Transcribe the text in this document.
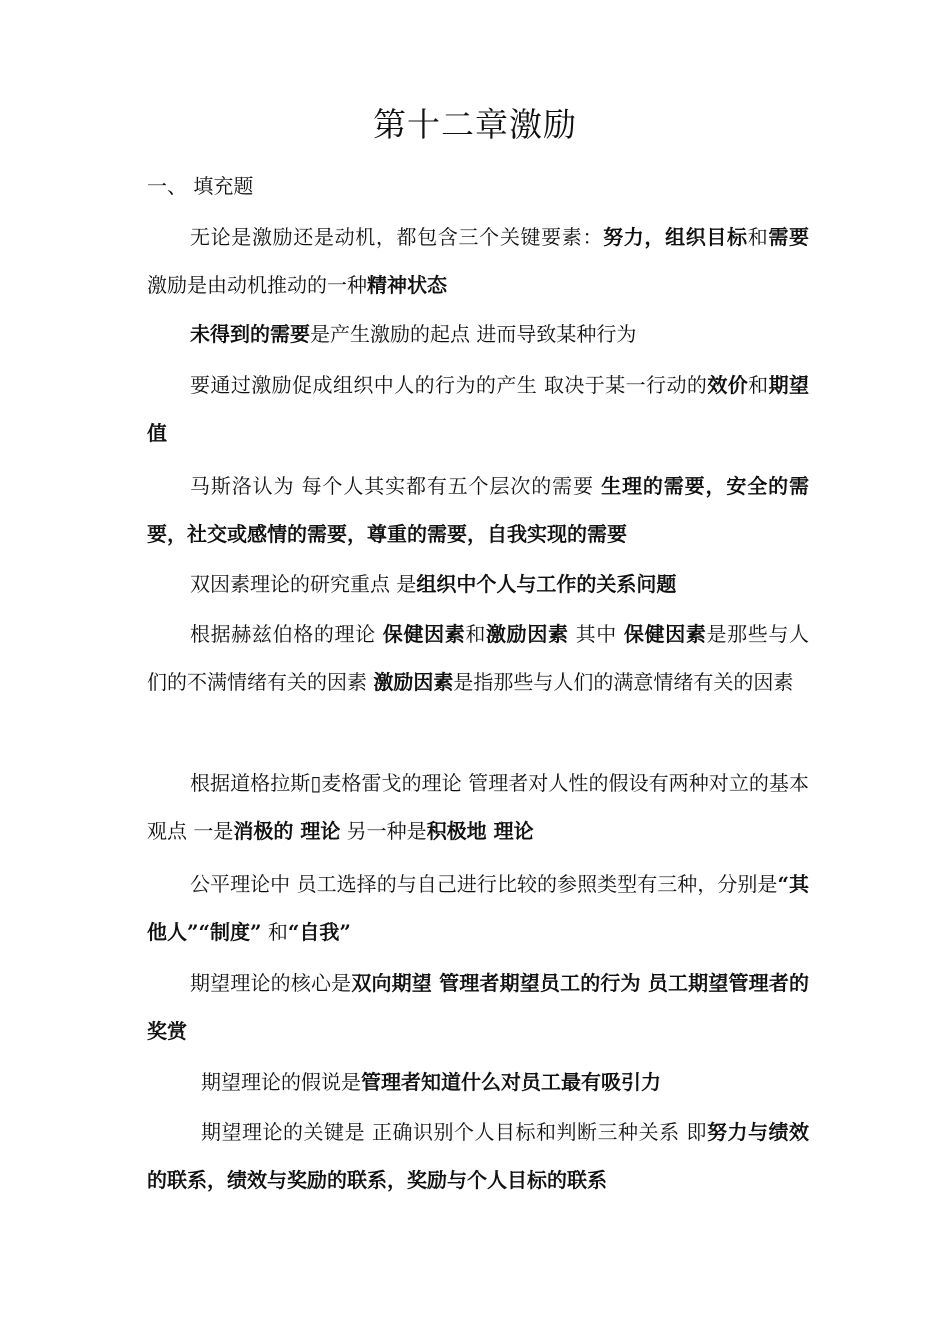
第十二章激励
一、 填充题
无论是激励还是动机，都包含三个关键要素：努力，组织目标和需要 激励是由动机推动的一种精神状态
未得到的需要是产生激励的起点 进而导致某种行为
要通过激励促成组织中人的行为的产生 取决于某一行动的效价和期望值
马斯洛认为 每个人其实都有五个层次的需要 生理的需要，安全的需要，社交或感情的需要，尊重的需要，自我实现的需要
双因素理论的研究重点 是组织中个人与工作的关系问题
根据赫兹伯格的理论 保健因素和激励因素 其中 保健因素是那些与人们的不满情绪有关的因素 激励因素是指那些与人们的满意情绪有关的因素
根据道格拉斯▯麦格雷戈的理论 管理者对人性的假设有两种对立的基本观点 一是消极的 理论 另一种是积极地 理论
公平理论中 员工选择的与自己进行比较的参照类型有三种，分别是“其他人”“制度” 和“自我”
期望理论的核心是双向期望 管理者期望员工的行为 员工期望管理者的奖赏
期望理论的假说是管理者知道什么对员工最有吸引力
期望理论的关键是 正确识别个人目标和判断三种关系 即努力与绩效的联系，绩效与奖励的联系，奖励与个人目标的联系
